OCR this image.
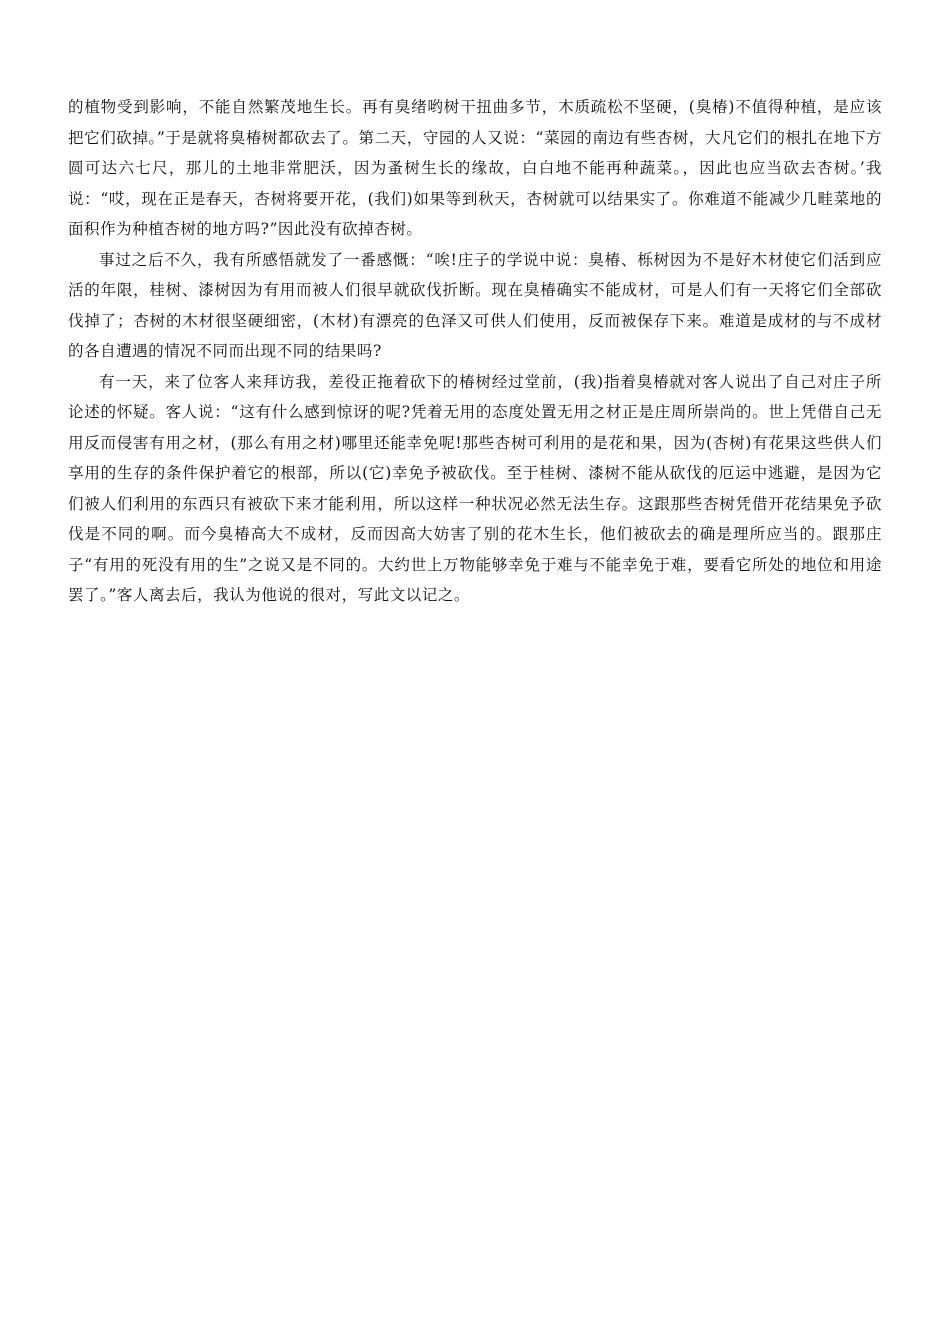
的植物受到影响，不能自然繁茂地生长。再有臭绪哟树干扭曲多节，木质疏松不坚硬，(臭椿)不值得种植，是应该把它们砍掉。”于是就将臭椿树都砍去了。第二天，守园的人又说：“菜园的南边有些杏树，大凡它们的根扎在地下方圆可达六七尺，那儿的土地非常肥沃，因为蚤树生长的缘故，白白地不能再种蔬菜。，因此也应当砍去杏树。’我说：“哎，现在正是春天，杏树将要开花，(我们)如果等到秋天，杏树就可以结果实了。你难道不能减少几畦菜地的面积作为种植杏树的地方吗?”因此没有砍掉杏树。

事过之后不久，我有所感悟就发了一番感慨：“唉!庄子的学说中说：臭椿、栎树因为不是好木材使它们活到应活的年限，桂树、漆树因为有用而被人们很早就砍伐折断。现在臭椿确实不能成材，可是人们有一天将它们全部砍伐掉了；杏树的木材很坚硬细密，(木材)有漂亮的色泽又可供人们使用，反而被保存下来。难道是成材的与不成材的各自遭遇的情况不同而出现不同的结果吗?

有一天，来了位客人来拜访我，差役正拖着砍下的椿树经过堂前，(我)指着臭椿就对客人说出了自己对庄子所论述的怀疑。客人说：“这有什么感到惊讶的呢?凭着无用的态度处置无用之材正是庄周所崇尚的。世上凭借自己无用反而侵害有用之材，(那么有用之材)哪里还能幸免呢!那些杏树可利用的是花和果，因为(杏树)有花果这些供人们享用的生存的条件保护着它的根部，所以(它)幸免予被砍伐。至于桂树、漆树不能从砍伐的厄运中逃避，是因为它们被人们利用的东西只有被砍下来才能利用，所以这样一种状况必然无法生存。这跟那些杏树凭借开花结果免予砍伐是不同的啊。而今臭椿高大不成材，反而因高大妨害了别的花木生长，他们被砍去的确是理所应当的。跟那庄子“有用的死没有用的生”之说又是不同的。大约世上万物能够幸免于难与不能幸免于难，要看它所处的地位和用途罢了。”客人离去后，我认为他说的很对，写此文以记之。
